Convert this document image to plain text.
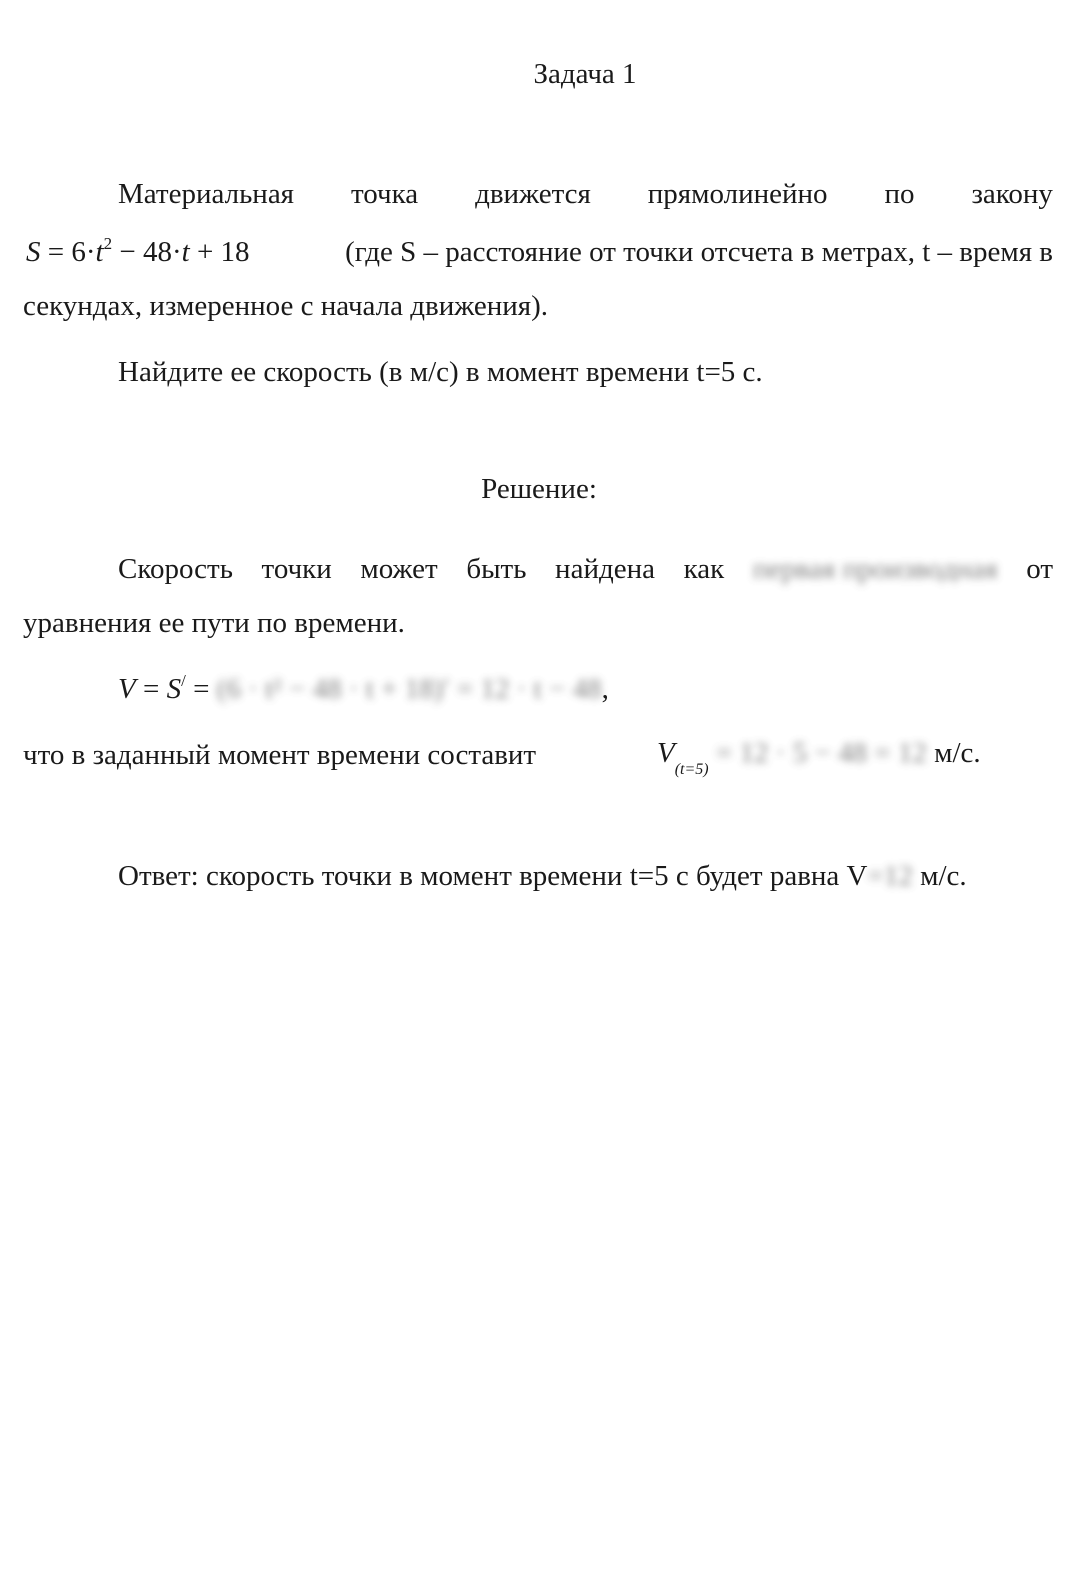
Задача 1
Материальная точка движется прямолинейно по закону
$S = 6\cdot t^2 - 48\cdot t + 18$	(где S – расстояние от точки отсчета в метрах, t – время в
секундах, измеренное с начала движения).
Найдите ее скорость (в м/с) в момент времени t=5 с.
Решение:
Скорость точки может быть найдена как первая производная от
уравнения ее пути по времени.
V = S/ = (6 · t² − 48 · t + 18)′ = 12 · t − 48,
что в заданный момент времени составит	$V_{(t=5)} = 12 \cdot 5 - 48 = 12$ м/с.
Ответ: скорость точки в момент времени t=5 с будет равна V=12 м/с.
